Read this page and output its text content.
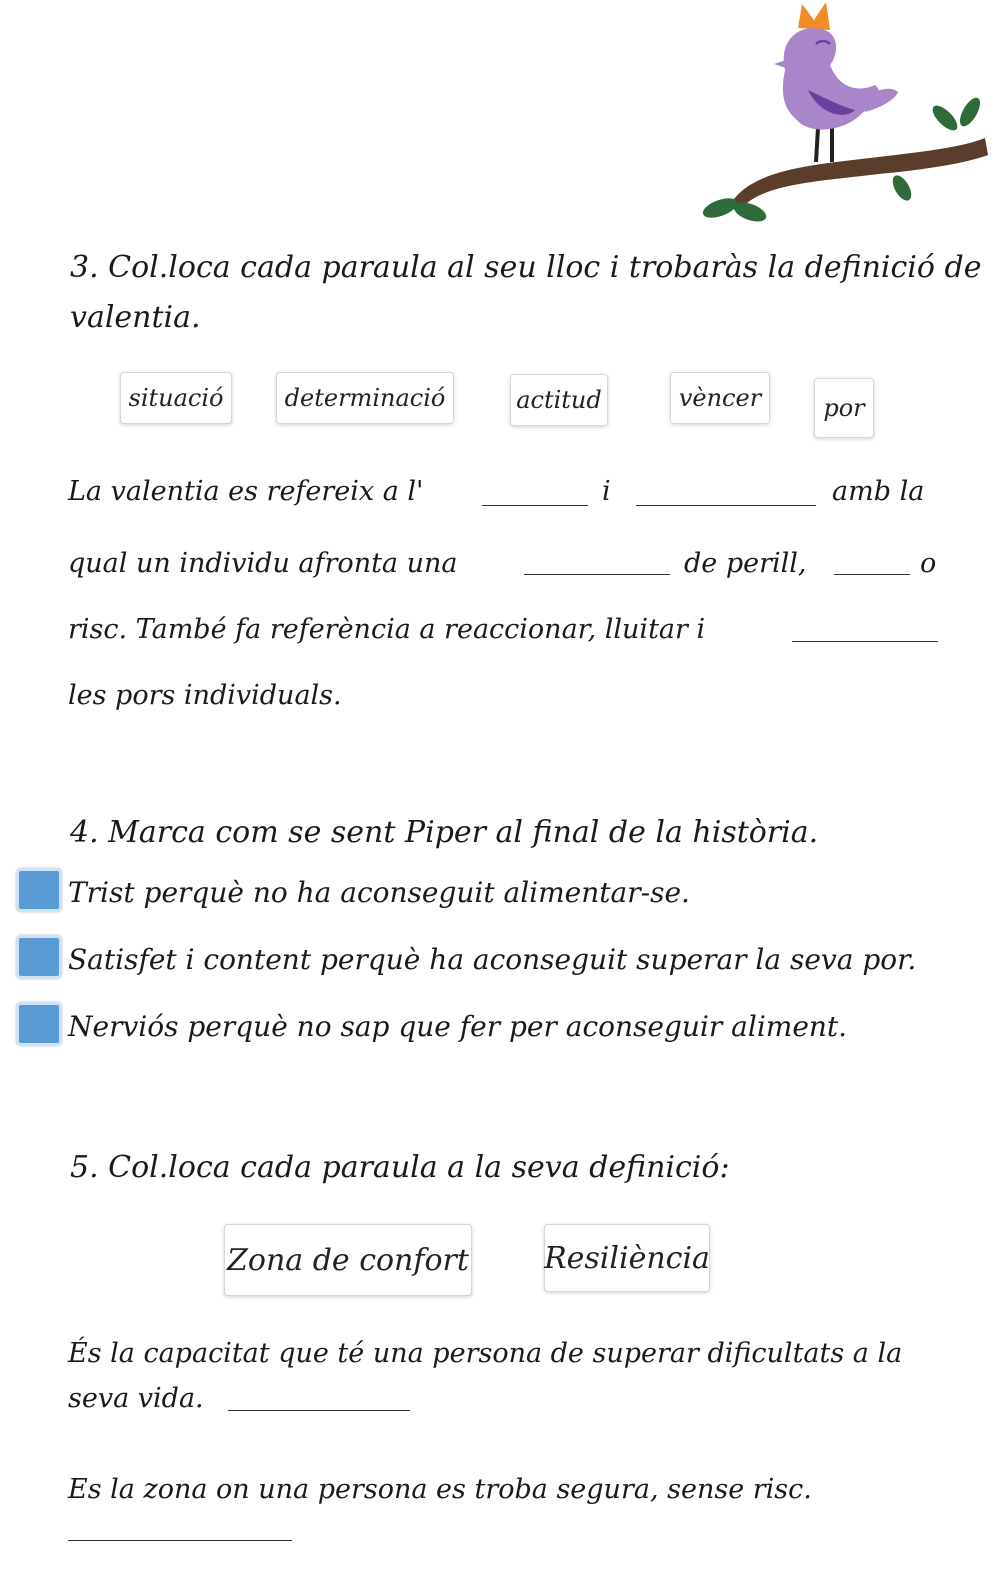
3. Col.loca cada paraula al seu lloc i trobaràs la definició de
valentia.
situació	determinació	actitud	vèncer	por
La valentia es refereix a l'	i	amb la
qual un individu afronta una	de perill,	o
risc. També fa referència a reaccionar, lluitar i
les pors individuals.
4. Marca com se sent Piper al final de la història.
Trist perquè no ha aconseguit alimentar-se.
Satisfet i content perquè ha aconseguit superar la seva por.
Nerviós perquè no sap que fer per aconseguir aliment.
5. Col.loca cada paraula a la seva definició:
Zona de confort	Resiliència
És la capacitat que té una persona de superar dificultats a la
seva vida.
Es la zona on una persona es troba segura, sense risc.
